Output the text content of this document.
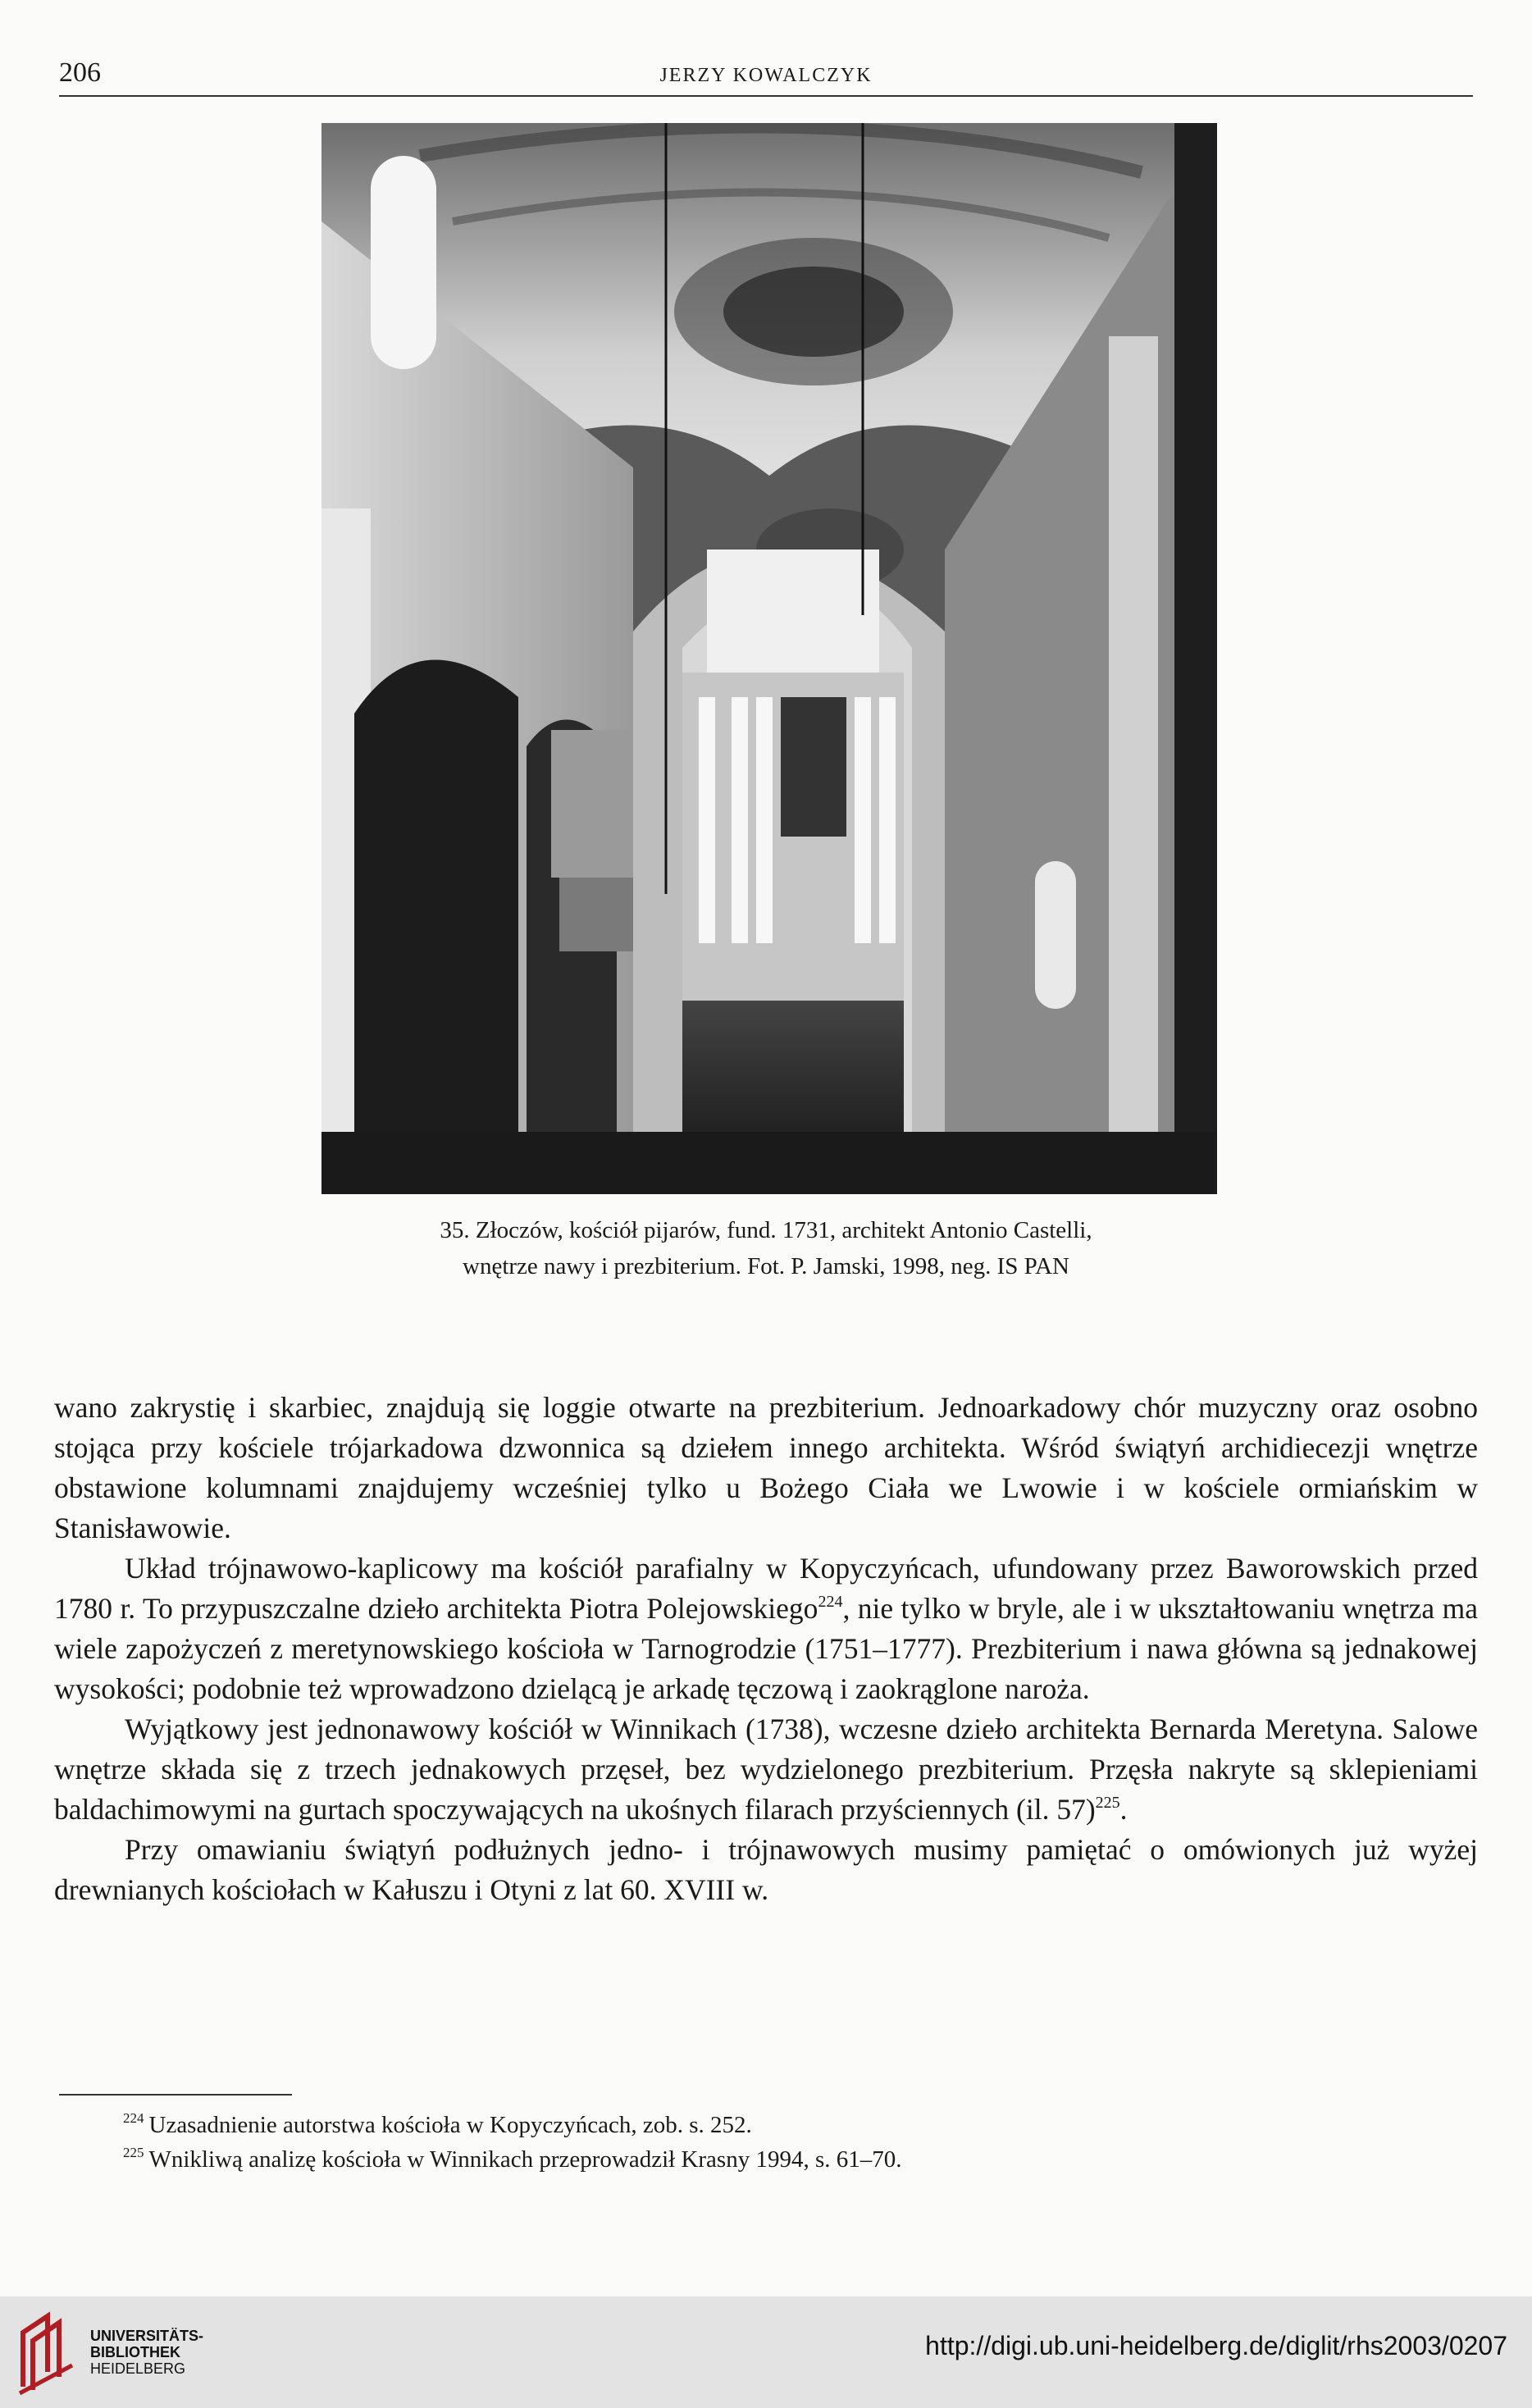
206	JERZY KOWALCZYK
35. Złoczów, kościół pijarów, fund. 1731, architekt Antonio Castelli,
wnętrze nawy i prezbiterium. Fot. P. Jamski, 1998, neg. IS PAN

wano zakrystię i skarbiec, znajdują się loggie otwarte na prezbiterium. Jednoarkadowy chór muzyczny oraz osobno stojąca przy kościele trójarkadowa dzwonnica są dziełem innego architekta. Wśród świątyń archidiecezji wnętrze obstawione kolumnami znajdujemy wcześniej tylko u Bożego Ciała we Lwowie i w kościele ormiańskim w Stanisławowie.

Układ trójnawowo-kaplicowy ma kościół parafialny w Kopyczyńcach, ufundowany przez Baworowskich przed 1780 r. To przypuszczalne dzieło architekta Piotra Polejowskiego$^{224}$, nie tylko w bryle, ale i w ukształtowaniu wnętrza ma wiele zapożyczeń z meretynowskiego kościoła w Tarnogrodzie (1751–1777). Prezbiterium i nawa główna są jednakowej wysokości; podobnie też wprowadzono dzielącą je arkadę tęczową i zaokrąglone naroża.

Wyjątkowy jest jednonawowy kościół w Winnikach (1738), wczesne dzieło architekta Bernarda Meretyna. Salowe wnętrze składa się z trzech jednakowych przęseł, bez wydzielonego prezbiterium. Przęsła nakryte są sklepieniami baldachimowymi na gurtach spoczywających na ukośnych filarach przyściennych (il. 57)$^{225}$.

Przy omawianiu świątyń podłużnych jedno- i trójnawowych musimy pamiętać o omówionych już wyżej drewnianych kościołach w Kałuszu i Otyni z lat 60. XVIII w.

$^{224}$ Uzasadnienie autorstwa kościoła w Kopyczyńcach, zob. s. 252.

$^{225}$ Wnikliwą analizę kościoła w Winnikach przeprowadził Krasny 1994, s. 61–70.

UNIVERSITÄTS-
BIBLIOTHEK
HEIDELBERG
http://digi.ub.uni-heidelberg.de/diglit/rhs2003/0207
